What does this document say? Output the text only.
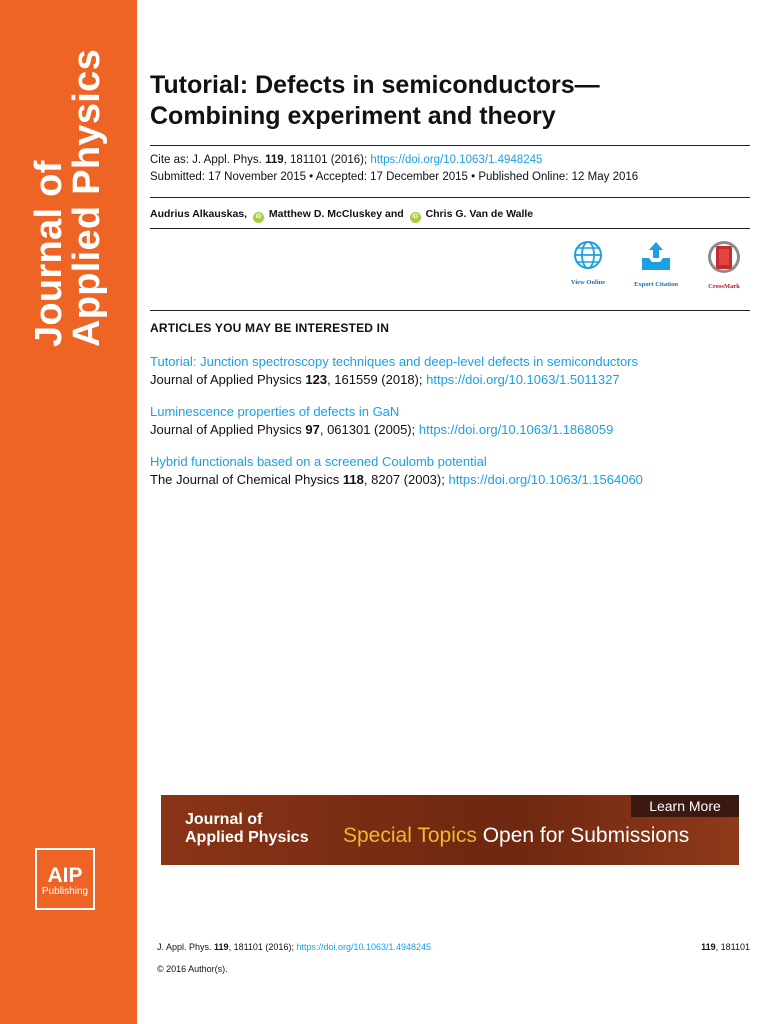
Journal of
Applied Physics
AIP
Publishing
Tutorial: Defects in semiconductors—
Combining experiment and theory
Cite as: J. Appl. Phys. 119, 181101 (2016); https://doi.org/10.1063/1.4948245
Submitted: 17 November 2015 • Accepted: 17 December 2015 • Published Online: 12 May 2016
Audrius Alkauskas, iD Matthew D. McCluskey and iD Chris G. Van de Walle
View Online	Export Citation	CrossMark
ARTICLES YOU MAY BE INTERESTED IN
Tutorial: Junction spectroscopy techniques and deep-level defects in semiconductors
Journal of Applied Physics 123, 161559 (2018); https://doi.org/10.1063/1.5011327
Luminescence properties of defects in GaN
Journal of Applied Physics 97, 061301 (2005); https://doi.org/10.1063/1.1868059
Hybrid functionals based on a screened Coulomb potential
The Journal of Chemical Physics 118, 8207 (2003); https://doi.org/10.1063/1.1564060
Learn More
Journal of
Applied Physics Special Topics Open for Submissions
J. Appl. Phys. 119, 181101 (2016); https://doi.org/10.1063/1.4948245
© 2016 Author(s).
119, 181101
